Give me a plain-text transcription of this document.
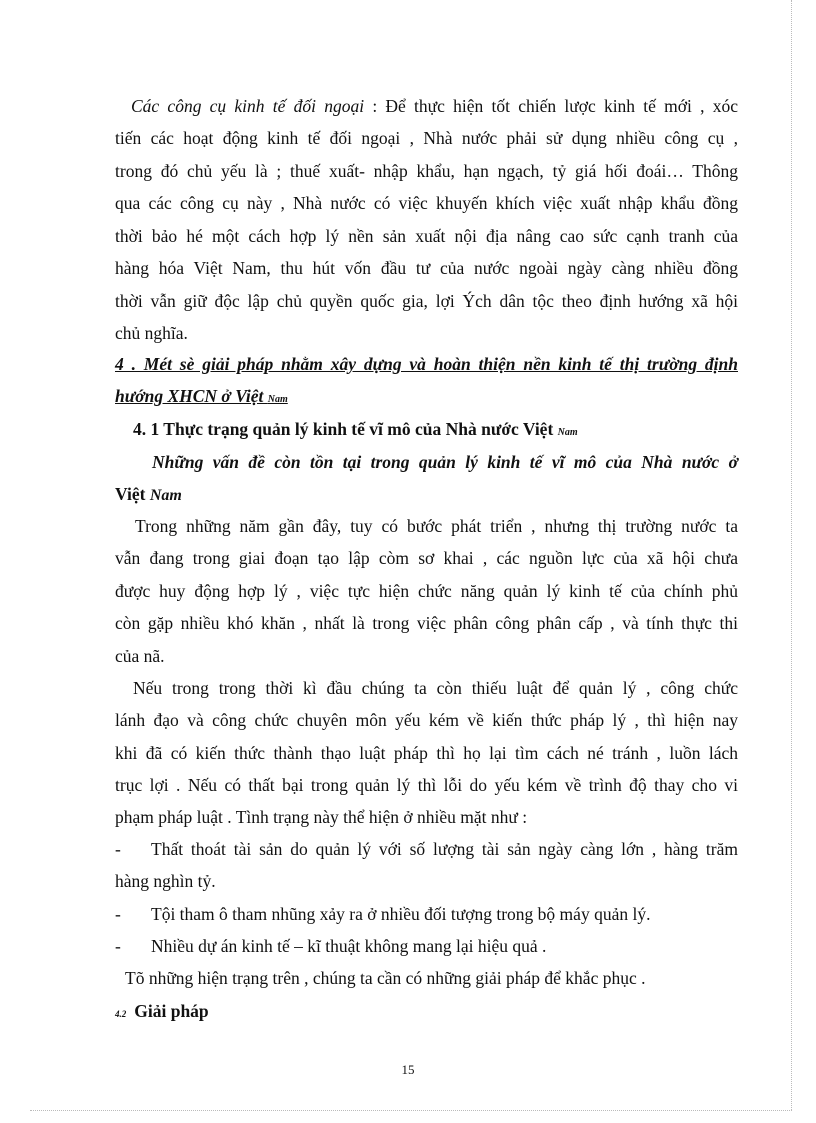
Các công cụ kinh tế đối ngoại : Để thực hiện tốt chiến lược kinh tế mới , xóc
tiến các hoạt động kinh tế đối ngoại , Nhà nước phải sử dụng nhiều công cụ ,
trong đó chủ yếu là ; thuế xuất- nhập khẩu, hạn ngạch, tỷ giá hối đoái… Thông
qua các công cụ này , Nhà nước có việc khuyến khích việc xuất nhập khẩu đồng
thời bảo hé một cách hợp lý nền sản xuất nội địa nâng cao sức cạnh tranh của
hàng hóa Việt Nam, thu hút vốn đầu tư của nước ngoài ngày càng nhiều đồng
thời vẫn giữ độc lập chủ quyền quốc gia, lợi Ých dân tộc theo định hướng xã hội
chủ nghĩa.
4 . Mét sè giải pháp nhằm xây dựng và hoàn thiện nền kinh tế thị trường định
hướng XHCN ở Việt Nam
4. 1 Thực trạng quản lý kinh tế vĩ mô của Nhà nước Việt Nam
Những vấn đề còn tồn tại trong quản lý kinh tế vĩ mô của Nhà nước ở
Việt Nam
Trong những năm gần đây, tuy có bước phát triển , nhưng thị trường nước ta
vẫn đang trong giai đoạn tạo lập còm sơ khai , các nguồn lực của xã hội chưa
được huy động hợp lý , việc tực hiện chức năng quản lý kinh tế của chính phủ
còn gặp nhiều khó khăn , nhất là trong việc phân công phân cấp , và tính thực thi
của nã.
Nếu trong trong thời kì đầu chúng ta còn thiếu luật để quản lý , công chức
lánh đạo và công chức chuyên môn yếu kém về kiến thức pháp lý , thì hiện nay
khi đã có kiến thức thành thạo luật pháp thì họ lại tìm cách né tránh , luồn lách
trục lợi . Nếu có thất bại trong quản lý thì lỗi do yếu kém về trình độ thay cho vi
phạm pháp luật . Tình trạng này thể hiện ở nhiều mặt như :
- Thất thoát tài sản do quản lý với số lượng tài sản ngày càng lớn , hàng trăm
hàng nghìn tỷ.
- Tội tham ô tham nhũng xảy ra ở nhiều đối tượng trong bộ máy quản lý.
- Nhiều dự án kinh tế – kĩ thuật không mang lại hiệu quả .
Tõ những hiện trạng trên , chúng ta cần có những giải pháp để khắc phục .
4.2 Giải pháp
15
